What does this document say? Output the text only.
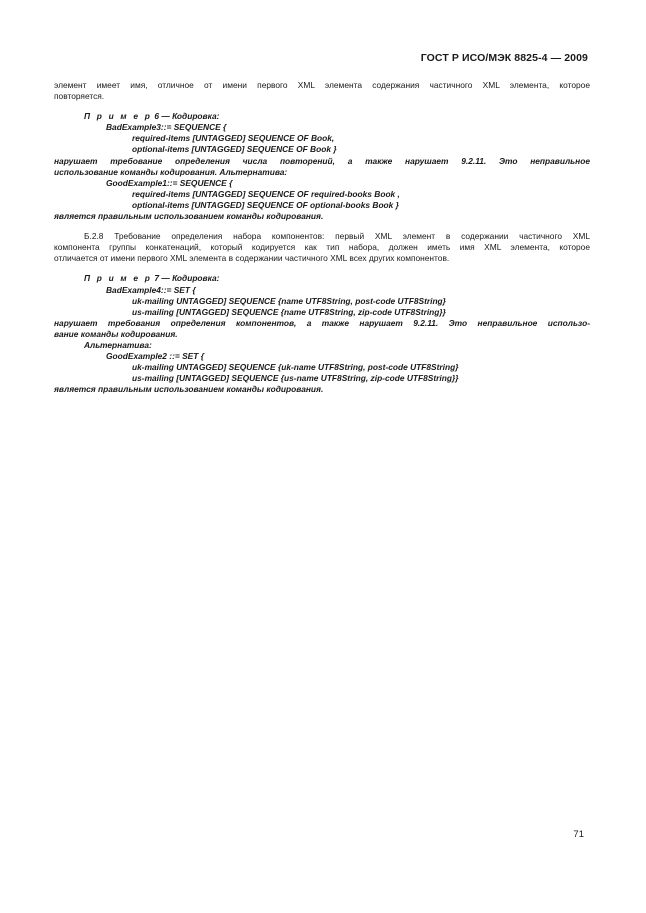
ГОСТ Р ИСО/МЭК 8825-4 — 2009
элемент имеет имя, отличное от имени первого XML элемента содержания частичного XML элемента, которое
повторяется.
П р и м е р 6 — Кодировка:
BadExample3::= SEQUENCE {
required-items [UNTAGGED] SEQUENCE OF Book,
optional-items [UNTAGGED] SEQUENCE OF Book }
нарушает требование определения числа повторений, а также нарушает 9.2.11. Это неправильное
использование команды кодирования. Альтернатива:
GoodExample1::= SEQUENCE {
required-items [UNTAGGED] SEQUENCE OF required-books Book ,
optional-items [UNTAGGED] SEQUENCE OF optional-books Book }
является правильным использованием команды кодирования.
Б.2.8 Требование определения набора компонентов: первый XML элемент в содержании частичного XML
компонента группы конкатенаций, который кодируется как тип набора, должен иметь имя XML элемента, которое
отличается от имени первого XML элемента в содержании частичного XML всех других компонентов.
П р и м е р 7 — Кодировка:
BadExample4::= SET {
uk-mailing UNTAGGED] SEQUENCE {name UTF8String, post-code UTF8String}
us-mailing [UNTAGGED] SEQUENCE {name UTF8String, zip-code UTF8String}}
нарушает требования определения компонентов, а также нарушает 9.2.11. Это неправильное использо-
вание команды кодирования.
Альтернатива:
GoodExample2 ::= SET {
uk-mailing UNTAGGED] SEQUENCE {uk-name UTF8String, post-code UTF8String}
us-mailing [UNTAGGED] SEQUENCE {us-name UTF8String, zip-code UTF8String}}
является правильным использованием команды кодирования.
71
